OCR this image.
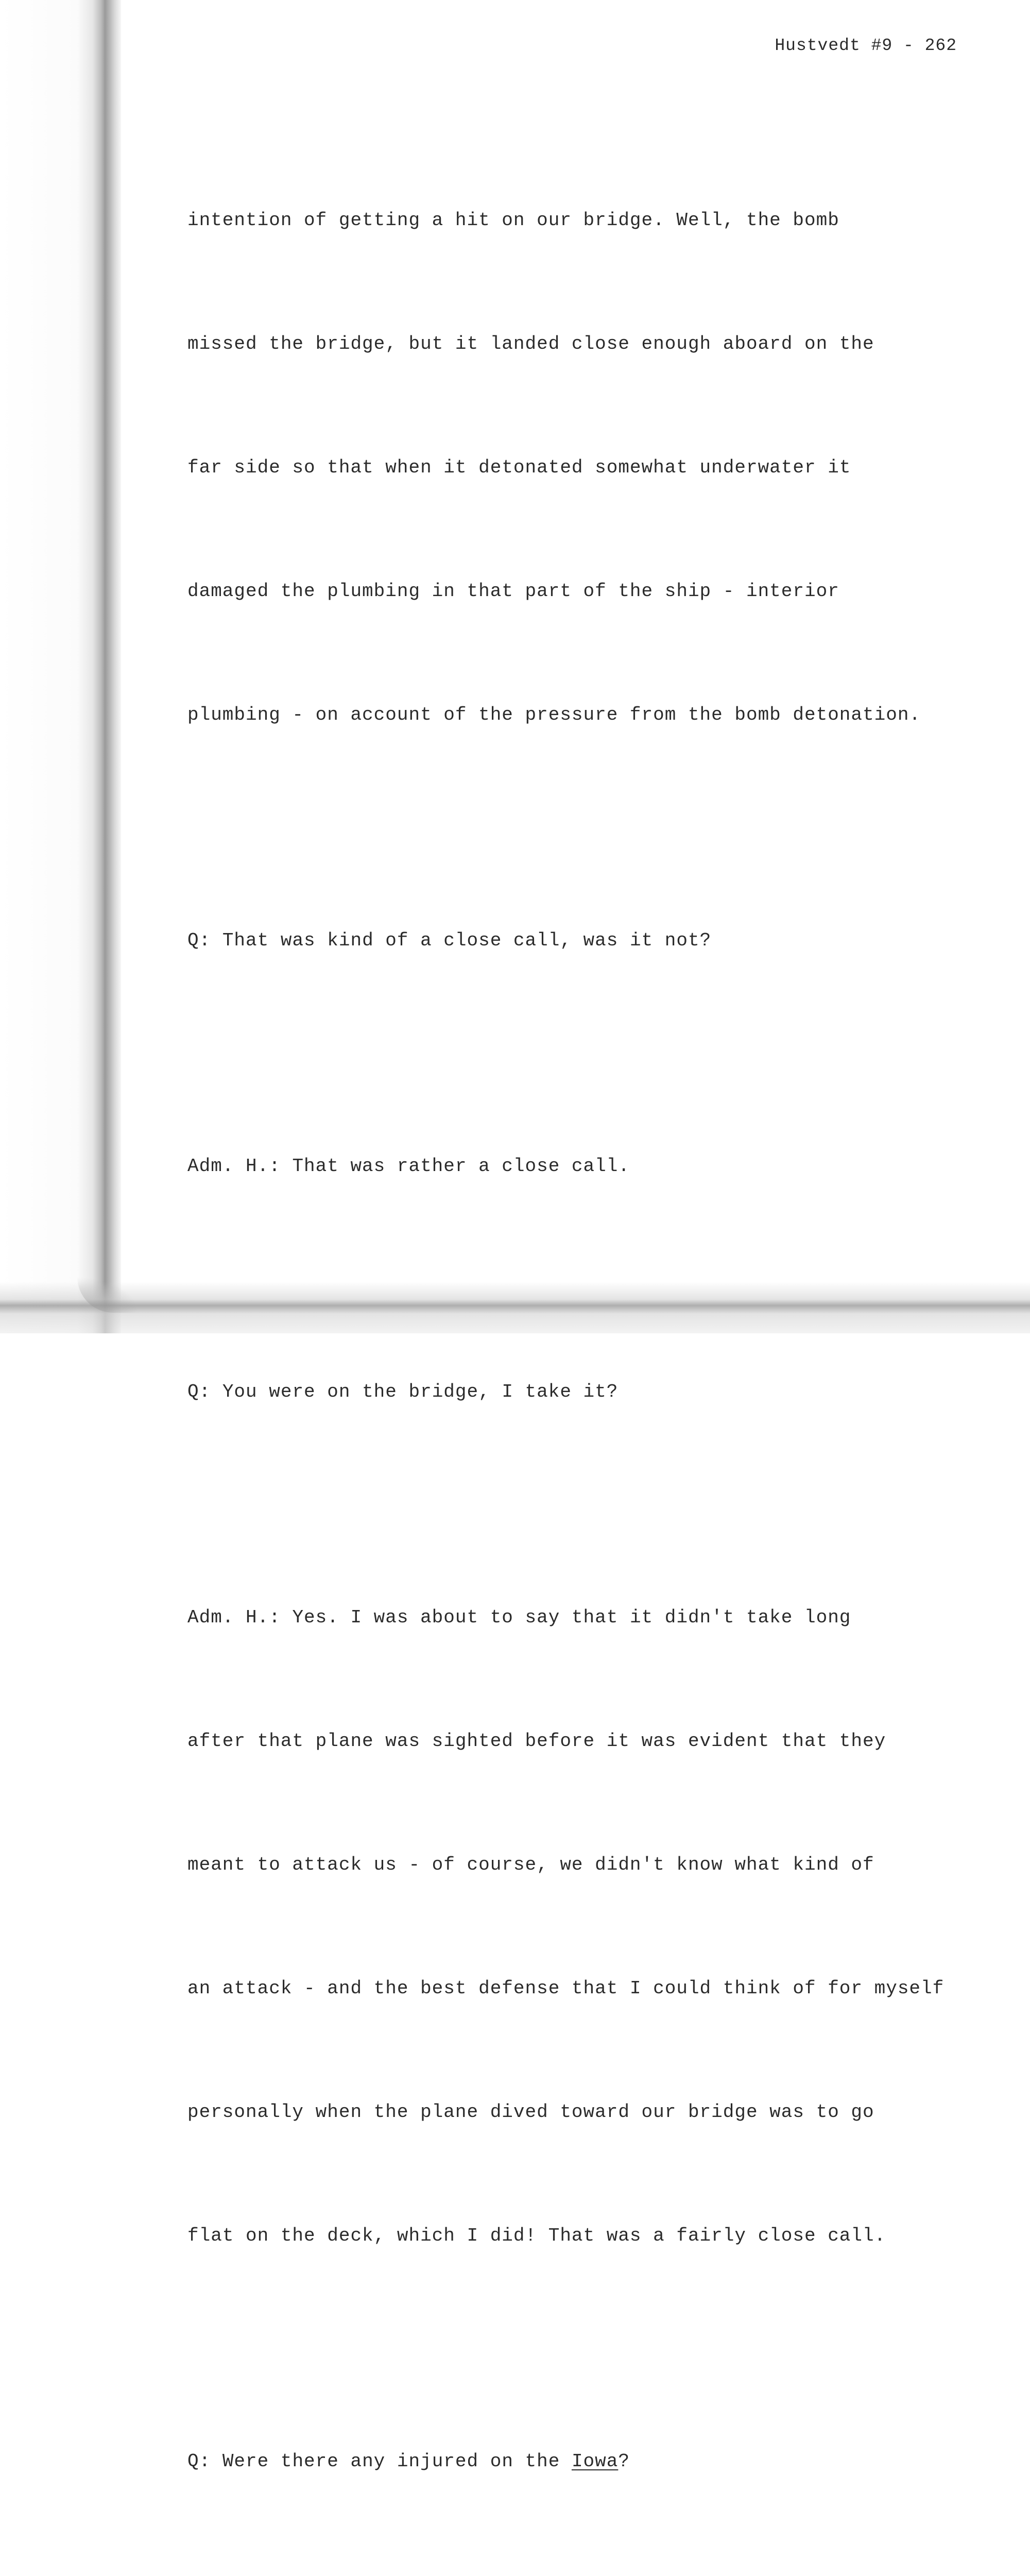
Hustvedt #9 - 262

intention of getting a hit on our bridge. Well, the bomb

missed the bridge, but it landed close enough aboard on the

far side so that when it detonated somewhat underwater it

damaged the plumbing in that part of the ship - interior

plumbing - on account of the pressure from the bomb detonation.

Q: That was kind of a close call, was it not?

Adm. H.: That was rather a close call.

Q: You were on the bridge, I take it?

Adm. H.: Yes. I was about to say that it didn't take long

after that plane was sighted before it was evident that they

meant to attack us - of course, we didn't know what kind of

an attack - and the best defense that I could think of for myself

personally when the plane dived toward our bridge was to go

flat on the deck, which I did! That was a fairly close call.

Q: Were there any injured on the Iowa?
